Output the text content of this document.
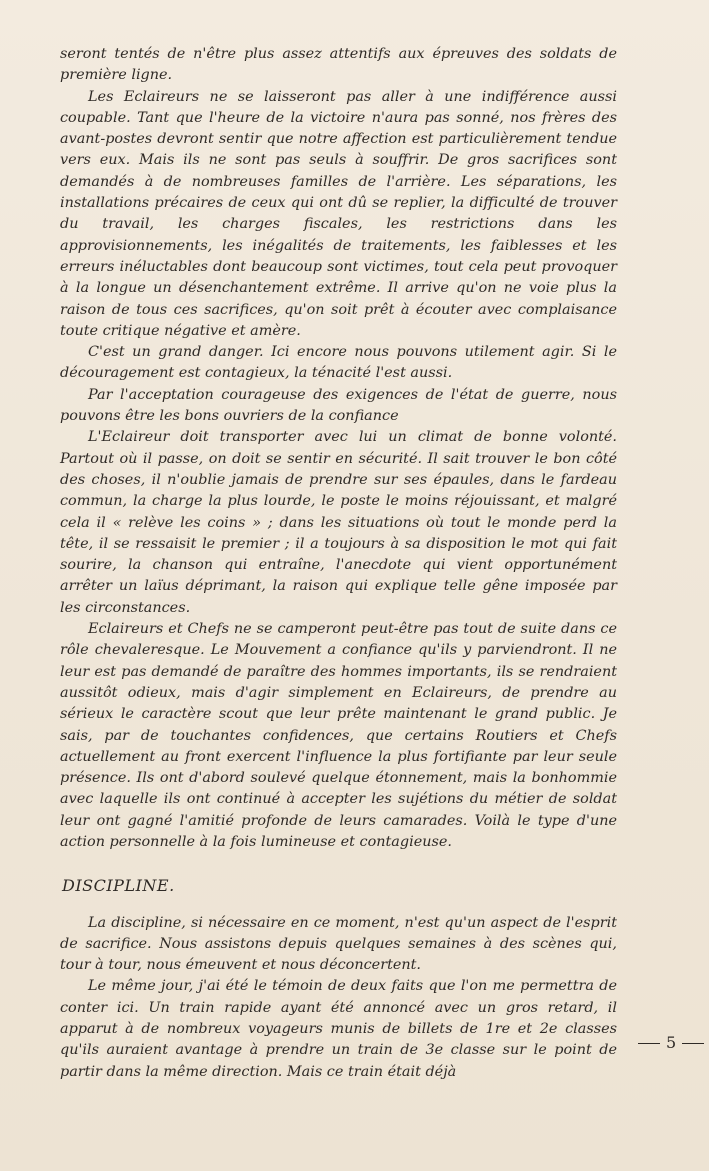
seront tentés de n'être plus assez attentifs aux épreuves des soldats de première ligne.

Les Eclaireurs ne se laisseront pas aller à une indifférence aussi coupable. Tant que l'heure de la victoire n'aura pas sonné, nos frères des avant-postes devront sentir que notre affection est particulièrement tendue vers eux. Mais ils ne sont pas seuls à souffrir. De gros sacrifices sont demandés à de nombreuses familles de l'arrière. Les séparations, les installations précaires de ceux qui ont dû se replier, la difficulté de trouver du travail, les charges fiscales, les restrictions dans les approvisionnements, les inégalités de traitements, les faiblesses et les erreurs inéluctables dont beaucoup sont victimes, tout cela peut provoquer à la longue un désenchantement extrême. Il arrive qu'on ne voie plus la raison de tous ces sacrifices, qu'on soit prêt à écouter avec complaisance toute critique négative et amère.

C'est un grand danger. Ici encore nous pouvons utilement agir. Si le découragement est contagieux, la ténacité l'est aussi.

Par l'acceptation courageuse des exigences de l'état de guerre, nous pouvons être les bons ouvriers de la confiance

L'Eclaireur doit transporter avec lui un climat de bonne volonté. Partout où il passe, on doit se sentir en sécurité. Il sait trouver le bon côté des choses, il n'oublie jamais de prendre sur ses épaules, dans le fardeau commun, la charge la plus lourde, le poste le moins réjouissant, et malgré cela il « relève les coins » ; dans les situations où tout le monde perd la tête, il se ressaisit le premier ; il a toujours à sa disposition le mot qui fait sourire, la chanson qui entraîne, l'anecdote qui vient opportunément arrêter un laïus déprimant, la raison qui explique telle gêne imposée par les circonstances.

Eclaireurs et Chefs ne se camperont peut-être pas tout de suite dans ce rôle chevaleresque. Le Mouvement a confiance qu'ils y parviendront. Il ne leur est pas demandé de paraître des hommes importants, ils se rendraient aussitôt odieux, mais d'agir simplement en Eclaireurs, de prendre au sérieux le caractère scout que leur prête maintenant le grand public. Je sais, par de touchantes confidences, que certains Routiers et Chefs actuellement au front exercent l'influence la plus fortifiante par leur seule présence. Ils ont d'abord soulevé quelque étonnement, mais la bonhommie avec laquelle ils ont continué à accepter les sujétions du métier de soldat leur ont gagné l'amitié profonde de leurs camarades. Voilà le type d'une action personnelle à la fois lumineuse et contagieuse.

DISCIPLINE.

La discipline, si nécessaire en ce moment, n'est qu'un aspect de l'esprit de sacrifice. Nous assistons depuis quelques semaines à des scènes qui, tour à tour, nous émeuvent et nous déconcertent.

Le même jour, j'ai été le témoin de deux faits que l'on me permettra de conter ici. Un train rapide ayant été annoncé avec un gros retard, il apparut à de nombreux voyageurs munis de billets de 1re et 2e classes qu'ils auraient avantage à prendre un train de 3e classe sur le point de partir dans la même direction. Mais ce train était déjà

5
